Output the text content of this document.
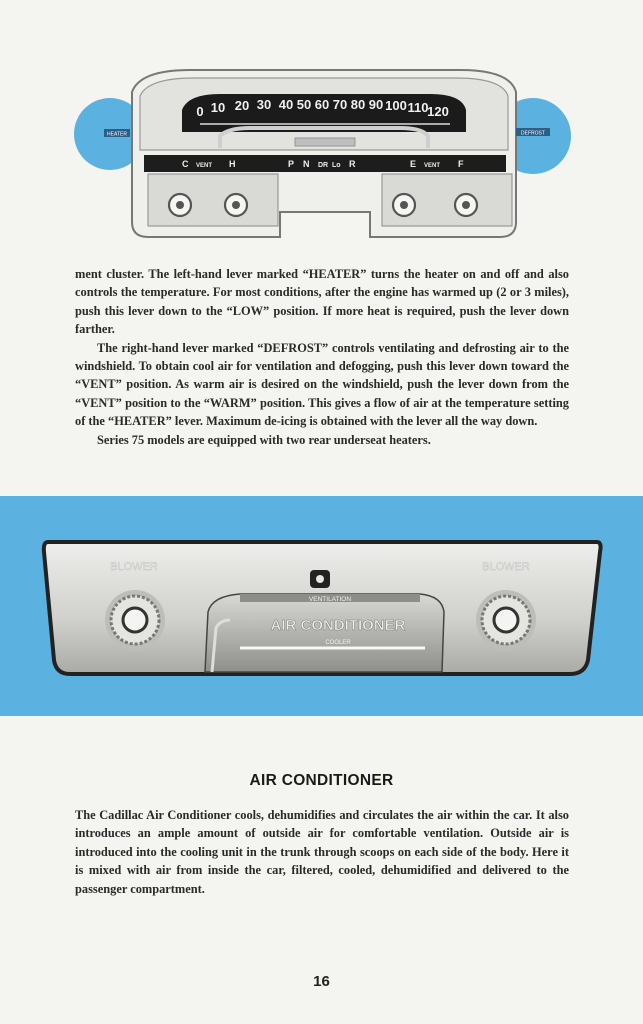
0 10 20 30 40 50 60 70 80 90 100 110
120
C VENT H	P N DR Lo R	E VENT F
HEATER	DEFROST

ment cluster. The left-hand lever marked “HEATER” turns the heater on and off and also controls the temperature. For most conditions, after the engine has warmed up (2 or 3 miles), push this lever down to the “LOW” position. If more heat is required, push the lever down farther.

The right-hand lever marked “DEFROST” controls ventilating and defrosting air to the windshield. To obtain cool air for ventilation and defogging, push this lever down toward the “VENT” position. As warm air is desired on the windshield, push the lever down from the “VENT” position to the “WARM” position. This gives a flow of air at the temperature setting of the “HEATER” lever. Maximum de-icing is obtained with the lever all the way down.

Series 75 models are equipped with two rear underseat heaters.

BLOWER	BLOWER
VENTILATION
AIR CONDITIONER
COOLER
AIR CONDITIONER

The Cadillac Air Conditioner cools, dehumidifies and circulates the air within the car. It also introduces an ample amount of outside air for comfortable ventilation. Outside air is introduced into the cooling unit in the trunk through scoops on each side of the body. Here it is mixed with air from inside the car, filtered, cooled, dehumidified and delivered to the passenger compartment.

16
